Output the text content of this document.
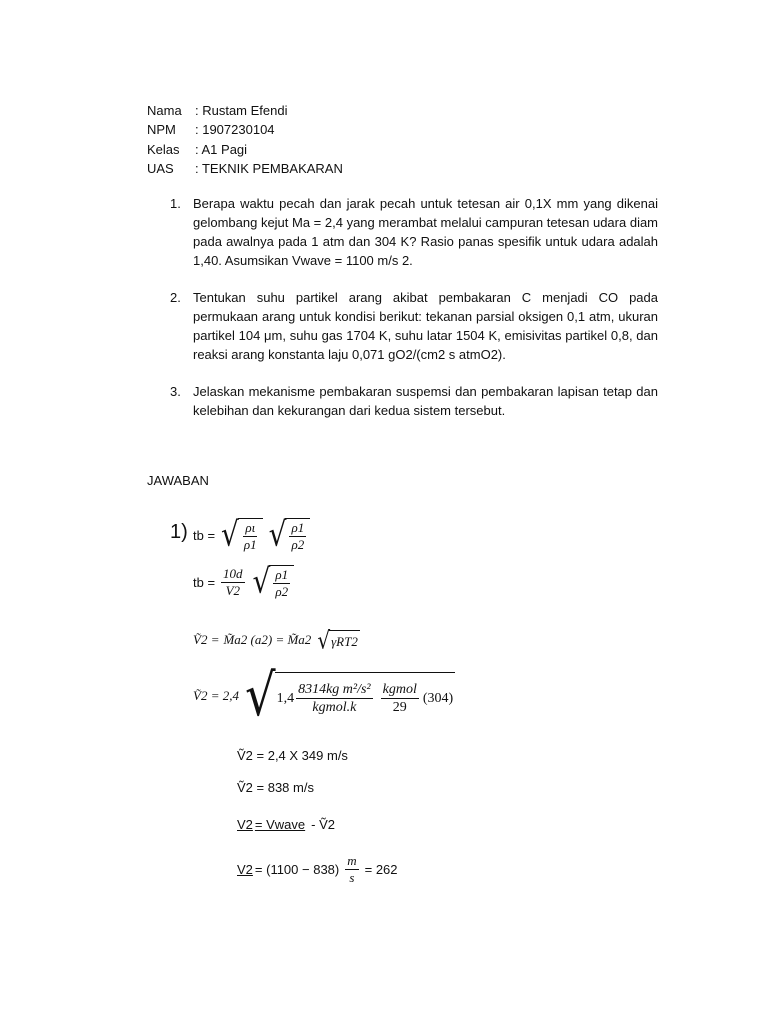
Nama	: Rustam Efendi
NPM	: 1907230104
Kelas	: A1 Pagi
UAS	: TEKNIK PEMBAKARAN
1. Berapa waktu pecah dan jarak pecah untuk tetesan air 0,1X mm yang dikenai gelombang kejut Ma = 2,4 yang merambat melalui campuran tetesan udara diam pada awalnya pada 1 atm dan 304 K? Rasio panas spesifik untuk udara adalah 1,40. Asumsikan Vwave = 1100 m/s 2.
2. Tentukan suhu partikel arang akibat pembakaran C menjadi CO pada permukaan arang untuk kondisi berikut: tekanan parsial oksigen 0,1 atm, ukuran partikel 104 μm, suhu gas 1704 K, suhu latar 1504 K, emisivitas partikel 0,8, dan reaksi arang konstanta laju 0,071 gO2/(cm2 s atmO2).
3. Jelaskan mekanisme pembakaran suspemsi dan pembakaran lapisan tetap dan kelebihan dan kekurangan dari kedua sistem tersebut.
JAWABAN
1) tb = √ $\frac{\rho\iota}{\rho 1}$ √ $\frac{\rho 1}{\rho 2}$
tb = $\frac{10d}{V2}$ √ $\frac{\rho 1}{\rho 2}$
Ṽ2 = M̃a2 (a2) = M̃a2 √ γRT2
Ṽ2 = 2,4 √ $1,4 \frac{\text{8314kg m²/s²}}{\text{kgmol.k}} \frac{\text{kgmol}}{29} (304)$
Ṽ2 = 2,4 X 349 m/s
Ṽ2 = 838 m/s
V2 = Vwave - Ṽ2
$V2 = (1100 - 838) \frac{m}{s} = 262$
